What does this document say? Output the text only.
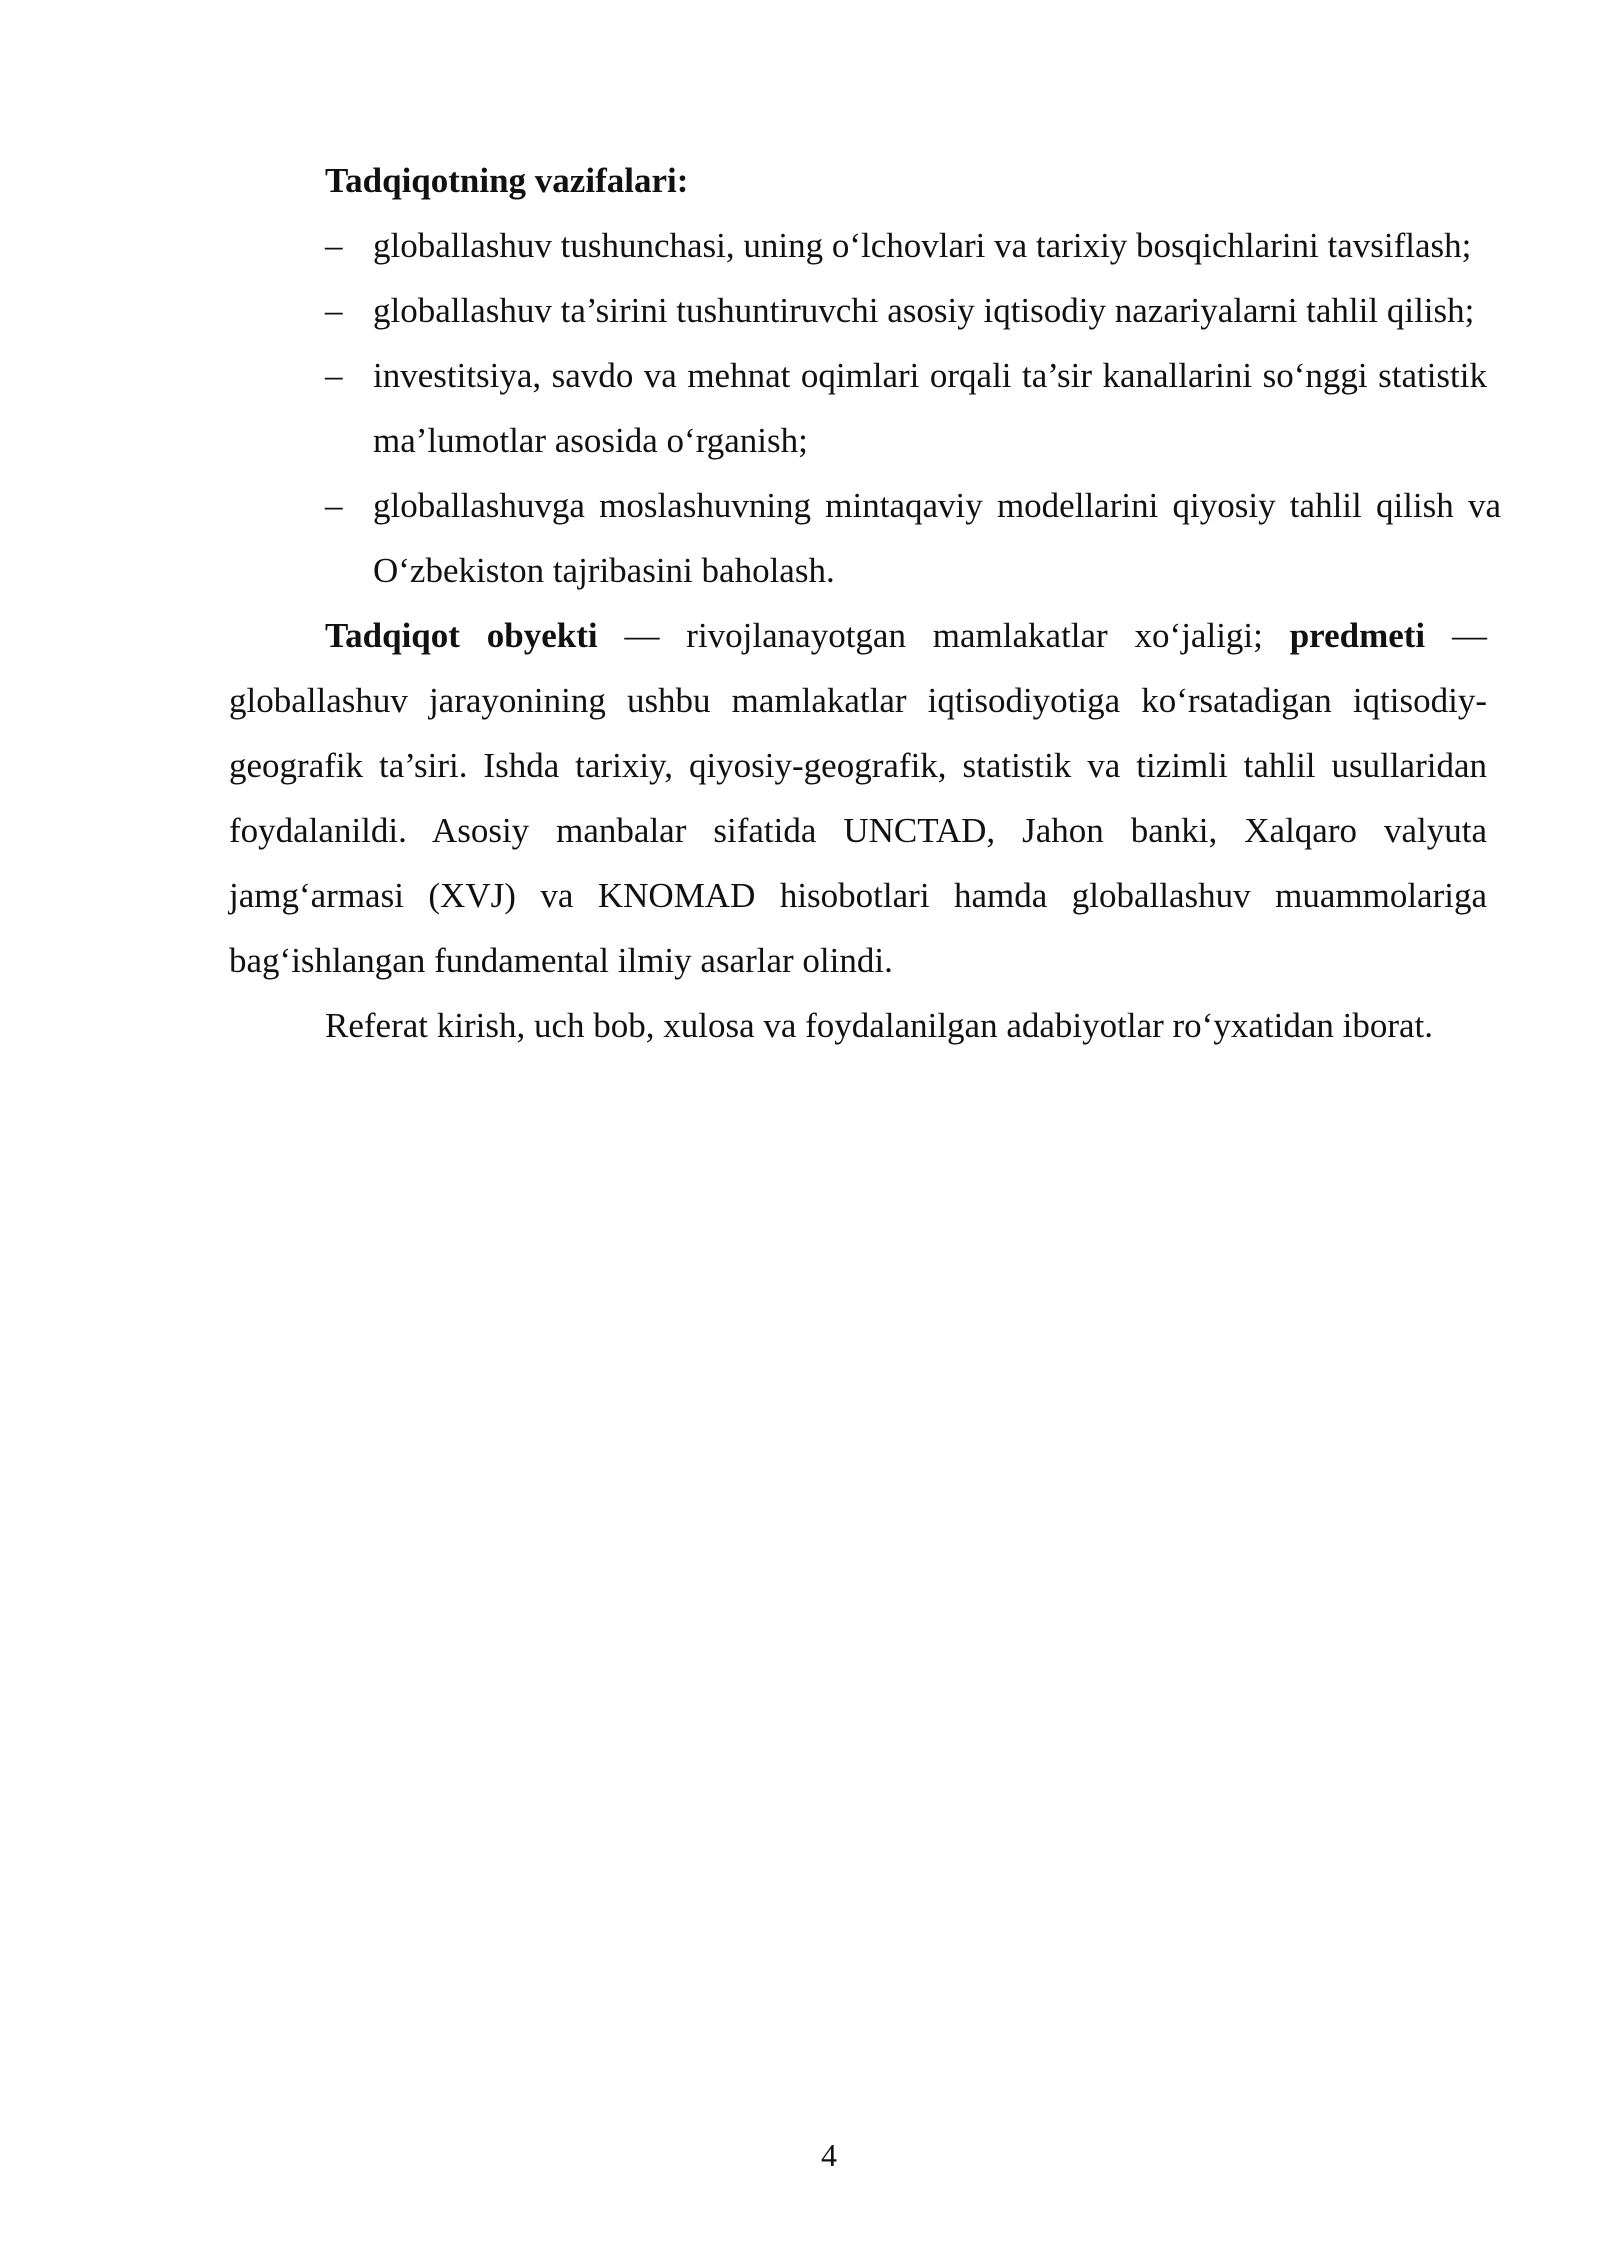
Tadqiqotning vazifalari:

– globallashuv tushunchasi, uning o‘lchovlari va tarixiy bosqichlarini tavsiflash;
– globallashuv ta’sirini tushuntiruvchi asosiy iqtisodiy nazariyalarni tahlil qilish;
– investitsiya, savdo va mehnat oqimlari orqali ta’sir kanallarini so‘nggi statistik ma’lumotlar asosida o‘rganish;
– globallashuvga moslashuvning mintaqaviy modellarini qiyosiy tahlil qilish va O‘zbekiston tajribasini baholash.

Tadqiqot obyekti — rivojlanayotgan mamlakatlar xo‘jaligi; predmeti — globallashuv jarayonining ushbu mamlakatlar iqtisodiyotiga ko‘rsatadigan iqtisodiy-geografik ta’siri. Ishda tarixiy, qiyosiy-geografik, statistik va tizimli tahlil usullaridan foydalanildi. Asosiy manbalar sifatida UNCTAD, Jahon banki, Xalqaro valyuta jamg‘armasi (XVJ) va KNOMAD hisobotlari hamda globallashuv muammolariga bag‘ishlangan fundamental ilmiy asarlar olindi.

Referat kirish, uch bob, xulosa va foydalanilgan adabiyotlar ro‘yxatidan iborat.

4
